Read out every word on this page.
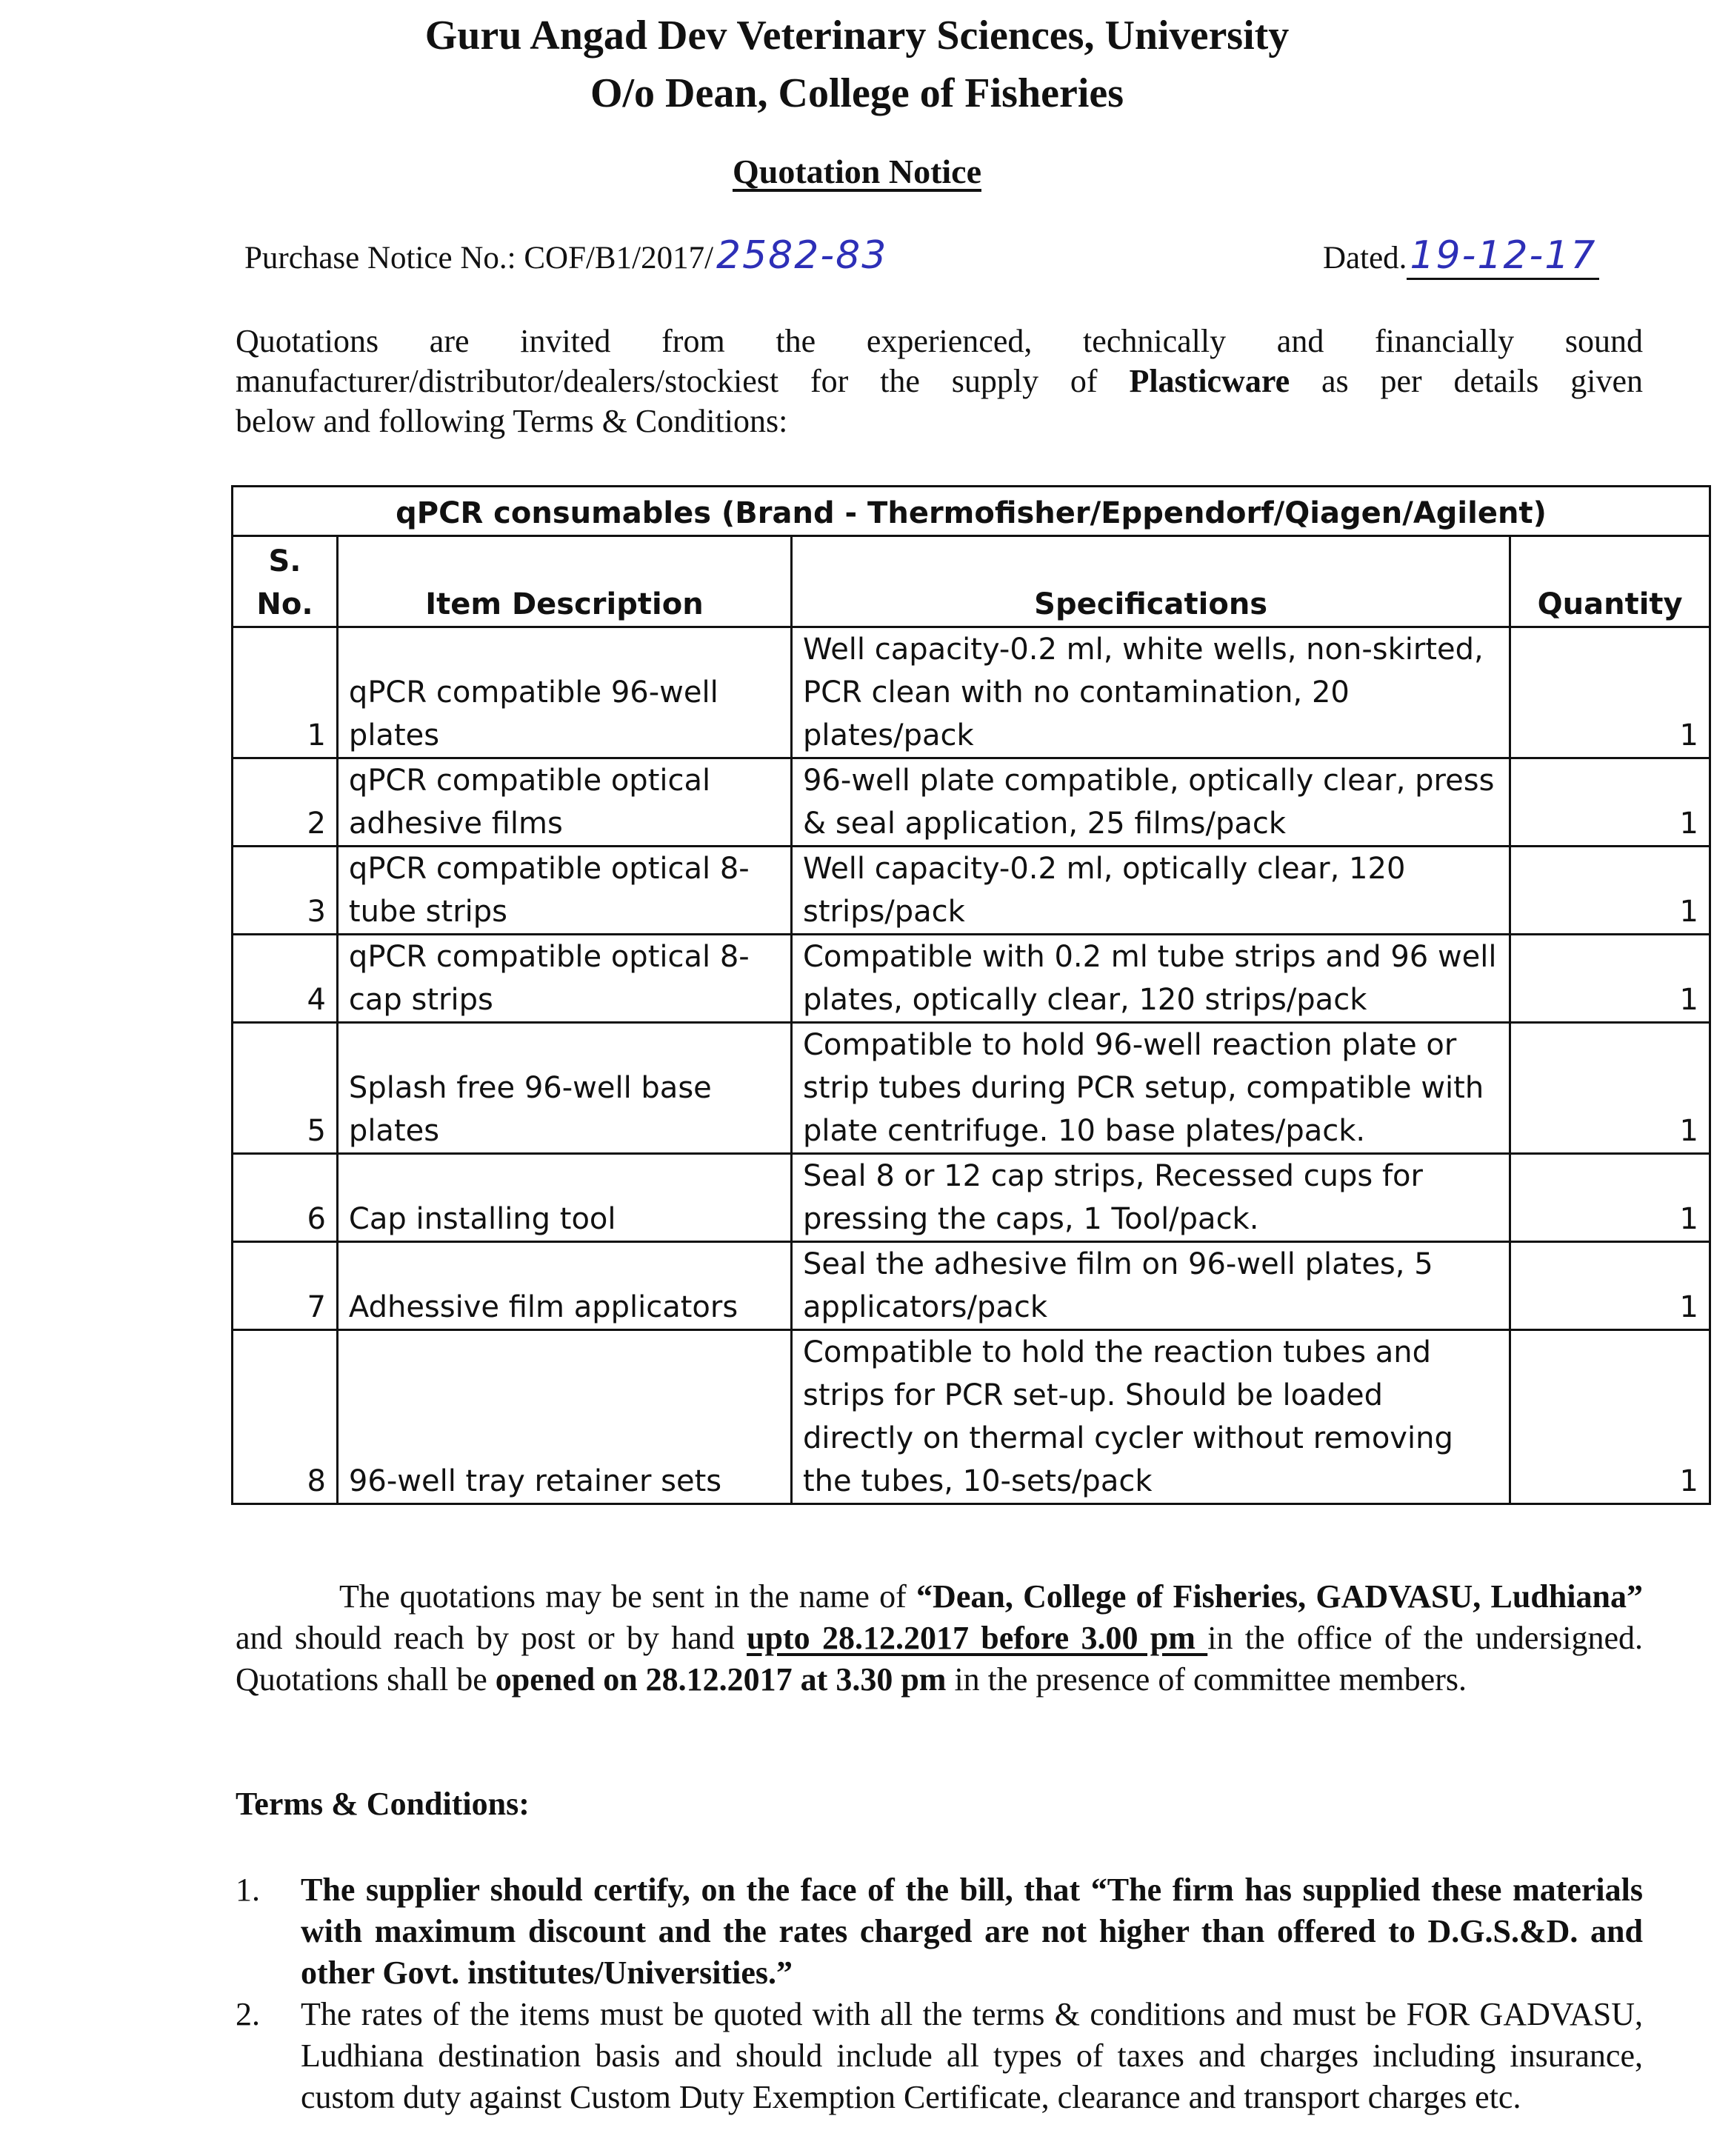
Guru Angad Dev Veterinary Sciences, University
O/o Dean, College of Fisheries
Quotation Notice
Purchase Notice No.: COF/B1/2017/2582-83	Dated.19-12-17
Quotations are invited from the experienced, technically and financially sound
manufacturer/distributor/dealers/stockiest for the supply of Plasticware as per details given
below and following Terms & Conditions:
qPCR consumables (Brand - Thermofisher/Eppendorf/Qiagen/Agilent)			

S.
No.	Item Description	Specifications	Quantity
1	qPCR compatible 96-well plates	Well capacity-0.2 ml, white wells, non-skirted, PCR clean with no contamination, 20 plates/pack	1
2	qPCR compatible optical adhesive films	96-well plate compatible, optically clear, press & seal application, 25 films/pack	1
3	qPCR compatible optical 8-tube strips	Well capacity-0.2 ml, optically clear, 120 strips/pack	1
4	qPCR compatible optical 8-cap strips	Compatible with 0.2 ml tube strips and 96 well plates, optically clear, 120 strips/pack	1
5	Splash free 96-well base plates	Compatible to hold 96-well reaction plate or strip tubes during PCR setup, compatible with plate centrifuge. 10 base plates/pack.	1
6	Cap installing tool	Seal 8 or 12 cap strips, Recessed cups for pressing the caps, 1 Tool/pack.	1
7	Adhessive film applicators	Seal the adhesive film on 96-well plates, 5 applicators/pack	1
8	96-well tray retainer sets	Compatible to hold the reaction tubes and strips for PCR set-up. Should be loaded directly on thermal cycler without removing the tubes, 10-sets/pack	1
The quotations may be sent in the name of “Dean, College of Fisheries, GADVASU, Ludhiana” and should reach by post or by hand upto 28.12.2017 before 3.00 pm in the office of the undersigned. Quotations shall be opened on 28.12.2017 at 3.30 pm in the presence of committee members.
Terms & Conditions:
1.	The supplier should certify, on the face of the bill, that “The firm has supplied these materials with maximum discount and the rates charged are not higher than offered to D.G.S.&D. and other Govt. institutes/Universities.”
2.	The rates of the items must be quoted with all the terms & conditions and must be FOR GADVASU, Ludhiana destination basis and should include all types of taxes and charges including insurance, custom duty against Custom Duty Exemption Certificate, clearance and transport charges etc.
